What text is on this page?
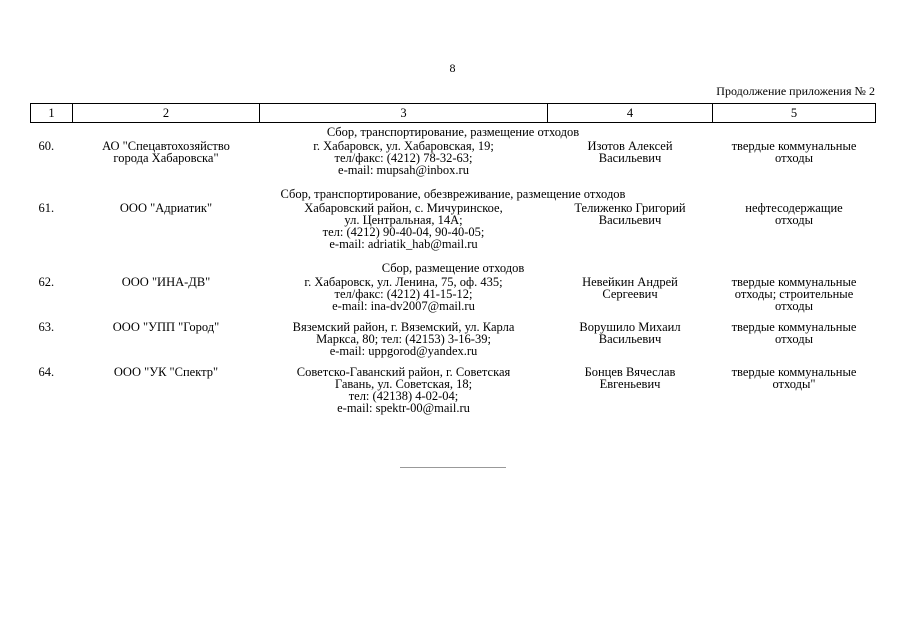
8
Продолжение приложения № 2
1	2	3	4	5
Сбор, транспортирование, размещение отходов				
60.	АО "Спецавтохозяйство
города Хабаровска"	г. Хабаровск, ул. Хабаровская, 19;
тел/факс: (4212) 78-32-63;
e-mail: mupsah@inbox.ru	Изотов Алексей
Васильевич	твердые коммунальные
отходы

Сбор, транспортирование, обезвреживание, размещение отходов				
61.	ООО "Адриатик"	Хабаровский район, с. Мичуринское,
ул. Центральная, 14А;
тел: (4212) 90-40-04, 90-40-05;
e-mail: adriatik_hab@mail.ru	Телиженко Григорий
Васильевич	нефтесодержащие
отходы

Сбор, размещение отходов				
62.	ООО "ИНА-ДВ"	г. Хабаровск, ул. Ленина, 75, оф. 435;
тел/факс: (4212) 41-15-12;
e-mail: ina-dv2007@mail.ru	Невейкин Андрей
Сергеевич	твердые коммунальные
отходы; строительные
отходы

63.	ООО "УПП "Город"	Вяземский район, г. Вяземский, ул. Карла
Маркса, 80; тел: (42153) 3-16-39;
e-mail: uppgorod@yandex.ru	Ворушило Михаил
Васильевич	твердые коммунальные
отходы

64.	ООО "УК "Спектр"	Советско-Гаванский район, г. Советская
Гавань, ул. Советская, 18;
тел: (42138) 4-02-04;
e-mail: spektr-00@mail.ru	Бонцев Вячеслав
Евгеньевич	твердые коммунальные
отходы"
